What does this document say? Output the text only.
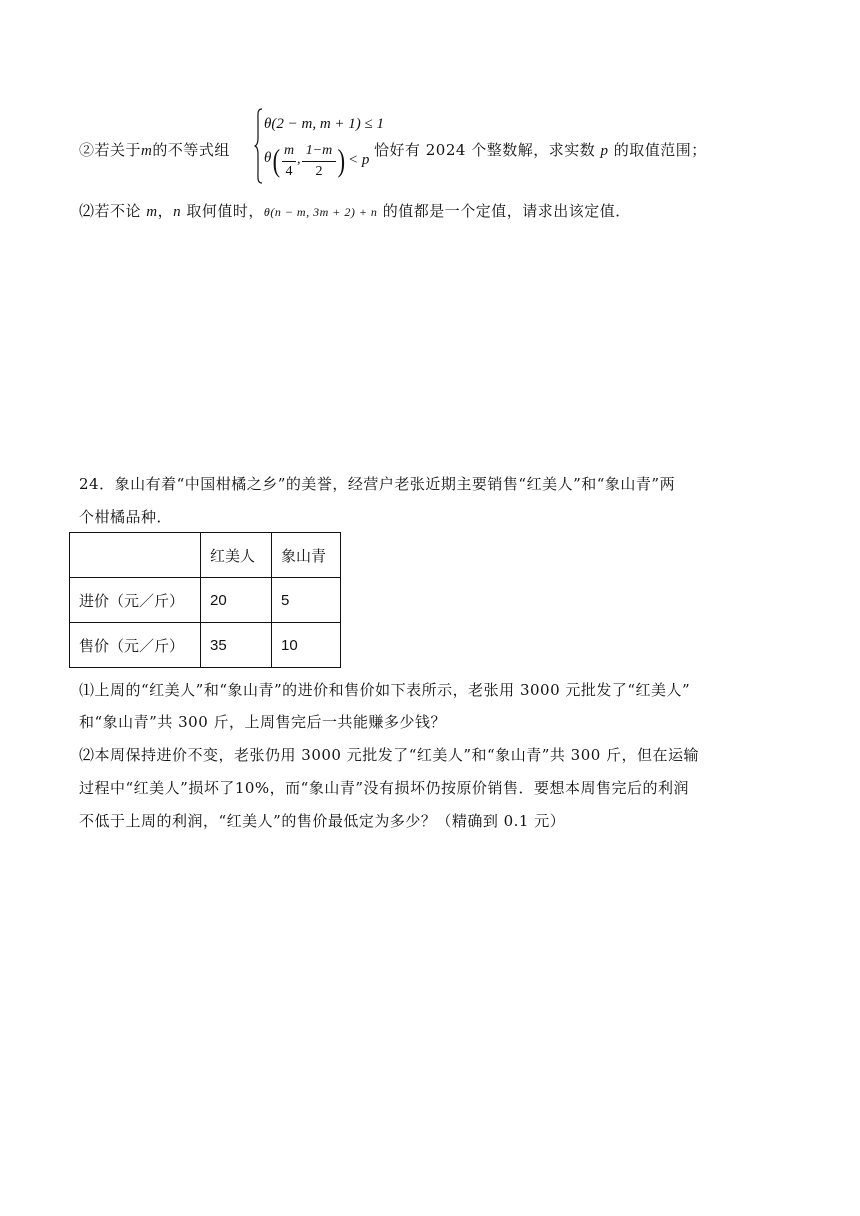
②若关于m的不等式组
θ(2 − m, m + 1) ≤ 1
θ ( m
4
,
1−m
2 ) < p
恰好有 2024 个整数解，求实数 p 的取值范围；
⑵若不论 m，n 取何值时，θ(n − m, 3m + 2) + n 的值都是一个定值，请求出该定值．
24．象山有着“中国柑橘之乡”的美誉，经营户老张近期主要销售“红美人”和“象山青”两
个柑橘品种．
	红美人	象山青
进价（元／斤）	20	5
售价（元／斤）	35	10
⑴上周的“红美人”和“象山青”的进价和售价如下表所示，老张用 3000 元批发了“红美人”
和“象山青”共 300 斤，上周售完后一共能赚多少钱？
⑵本周保持进价不变，老张仍用 3000 元批发了“红美人”和“象山青”共 300 斤，但在运输
过程中“红美人”损坏了10%，而“象山青”没有损坏仍按原价销售．要想本周售完后的利润
不低于上周的利润，“红美人”的售价最低定为多少？（精确到 0.1 元）
